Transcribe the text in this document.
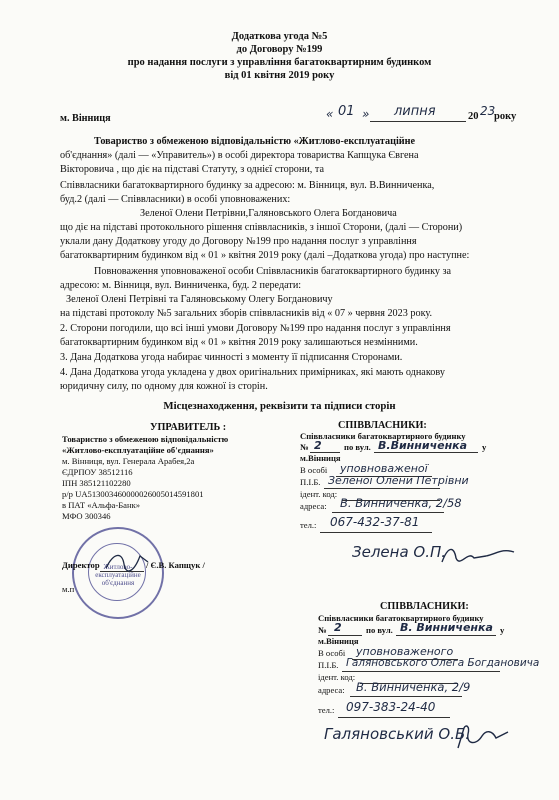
Додаткова угода №5
до Договору №199
про надання послуги з управління багатоквартирним будинком
від 01 квітня 2019 року
м. Вінниця	« 01 » липня	20 23
року
Товариство з обмеженою відповідальністю «Житлово-експлуатаційне
об'єднання» (далі — «Управитель») в особі директора товариства Капщука Євгена
Вікторовича , що діє на підставі Статуту, з однієї сторони, та
Співвласники багатоквартирного будинку за адресою: м. Вінниця, вул. В.Винниченка,
буд.2 (далі — Співвласники) в особі уповноважених:
Зеленої Олени Петрівни,Галяновського Олега Богдановича
що діє на підставі протокольного рішення співвласників, з іншої Сторони, (далі — Сторони)
уклали дану Додаткову угоду до Договору №199 про надання послуг з управління
багатоквартирним будинком від « 01 » квітня 2019 року (далі –Додаткова угода) про наступне:
Повноваження уповноваженої особи Співвласників багатоквартирного будинку за
адресою: м. Вінниця, вул. Винниченка, буд. 2 передати:
Зеленої Олені Петрівні та Галяновському Олегу Богдановичу
на підставі протоколу №5 загальних зборів співвласників від « 07 » червня 2023 року.
2. Сторони погодили, що всі інші умови Договору №199 про надання послуг з управління
багатоквартирним будинком від « 01 » квітня 2019 року залишаються незмінними.
3. Дана Додаткова угода набирає чинності з моменту її підписання Сторонами.
4. Дана Додаткова угода укладена у двох оригінальних примірниках, які мають однакову
юридичну силу, по одному для кожної із сторін.
Місцезнаходження, реквізити та підписи сторін
УПРАВИТЕЛЬ :
Товариство з обмеженою відповідальністю
«Житлово-експлуатаційне об'єднання»
м. Вінниця, вул. Генерала Арабея,2а
ЄДРПОУ 38512116
ІПН 385121102280
р/р UA513003460000026005014591801
в ПАТ «Альфа-Банк»
МФО 300346
Житлово-експлуатаційне об'єднання
Директор
м.п
/ Є.В. Капщук /
СПІВВЛАСНИКИ:
Співвласники багатоквартирного будинку
№ 2	по вул. В.Винниченка у
м.Вінниця
В особі уповноваженої
П.І.Б. Зеленої Олени Петрівни
ідент. код:
адреса: В. Винниченка, 2/58
тел.: 067-432-37-81
Зелена О.П.
СПІВВЛАСНИКИ:
Співвласники багатоквартирного будинку
№ 2	по вул. В. Винниченка у
м.Вінниця
В особі уповноваженого
П.І.Б. Галяновського Олега Богдановича
ідент. код:
адреса: В. Винниченка, 2/9
тел.: 097-383-24-40
Галяновський О.Б.
